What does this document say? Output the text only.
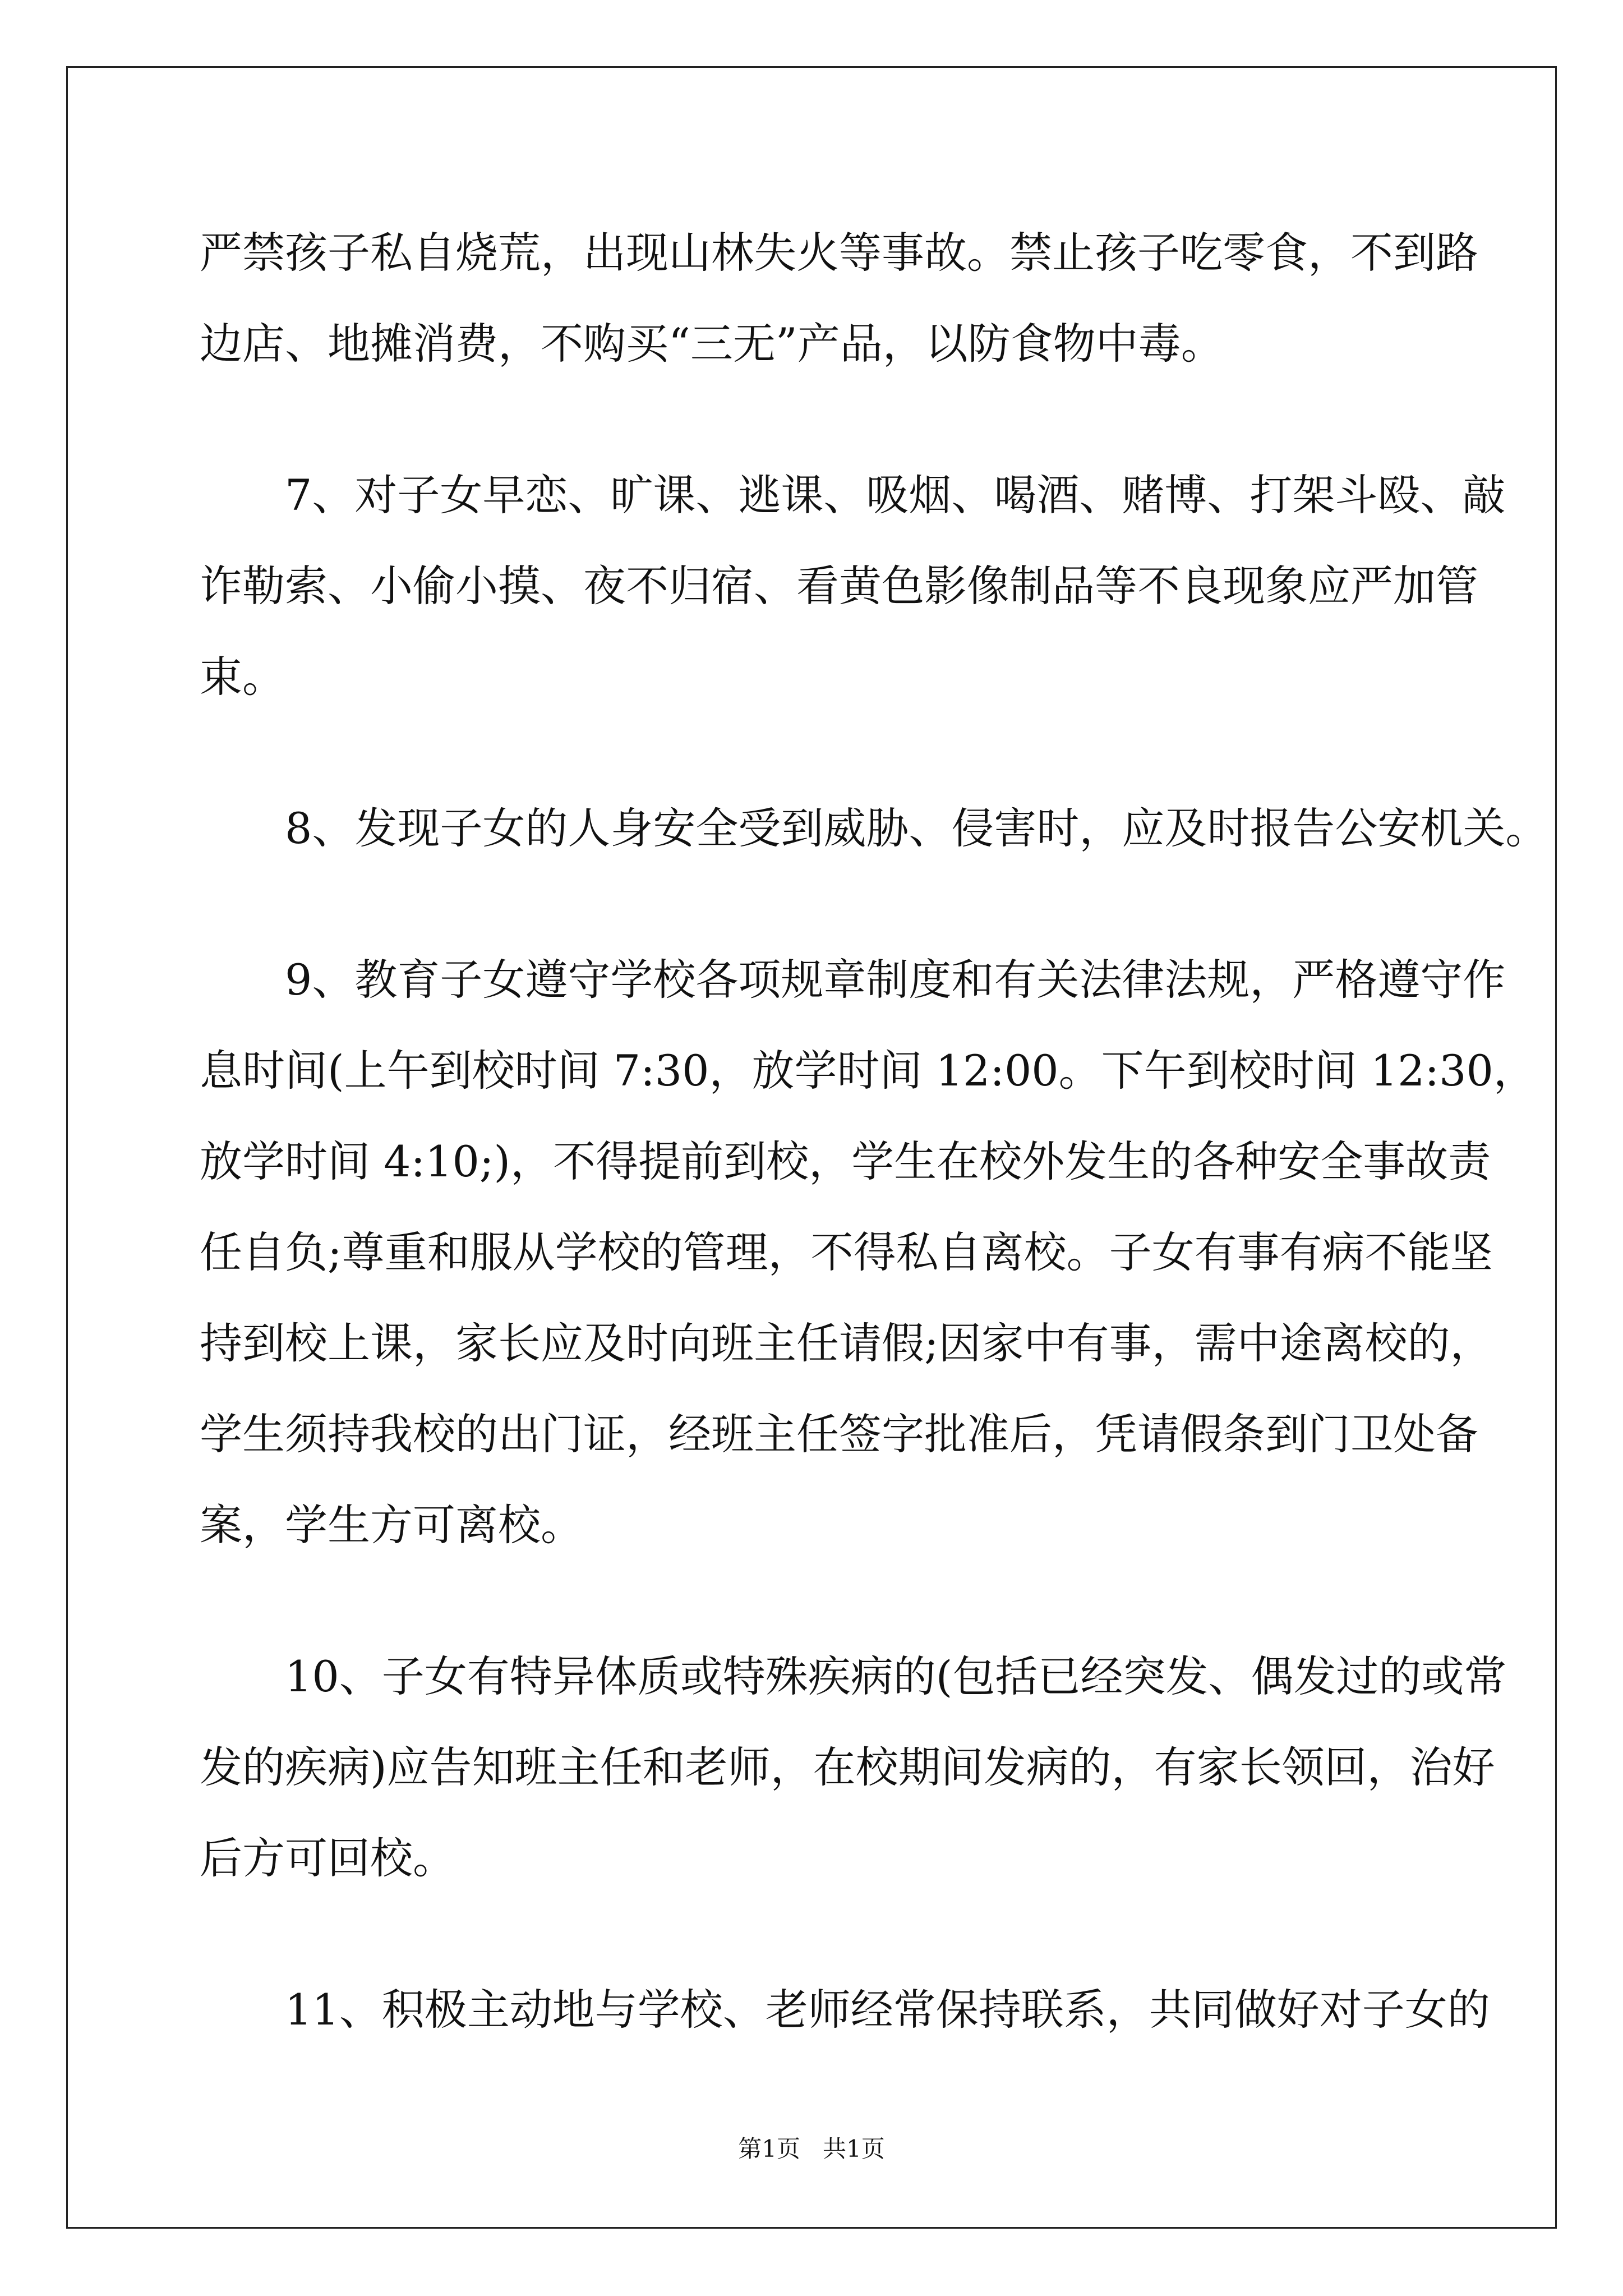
严禁孩子私自烧荒，出现山林失火等事故。禁止孩子吃零食，不到路
边店、地摊消费，不购买“三无”产品，以防食物中毒。
7、对子女早恋、旷课、逃课、吸烟、喝酒、赌博、打架斗殴、敲
诈勒索、小偷小摸、夜不归宿、看黄色影像制品等不良现象应严加管
束。
8、发现子女的人身安全受到威胁、侵害时，应及时报告公安机关。
9、教育子女遵守学校各项规章制度和有关法律法规，严格遵守作
息时间(上午到校时间 7:30，放学时间 12:00。下午到校时间 12:30，
放学时间 4:10;)，不得提前到校，学生在校外发生的各种安全事故责
任自负;尊重和服从学校的管理，不得私自离校。子女有事有病不能坚
持到校上课，家长应及时向班主任请假;因家中有事，需中途离校的，
学生须持我校的出门证，经班主任签字批准后，凭请假条到门卫处备
案，学生方可离校。
10、子女有特异体质或特殊疾病的(包括已经突发、偶发过的或常
发的疾病)应告知班主任和老师，在校期间发病的，有家长领回，治好
后方可回校。
11、积极主动地与学校、老师经常保持联系，共同做好对子女的
第1页   共1页
